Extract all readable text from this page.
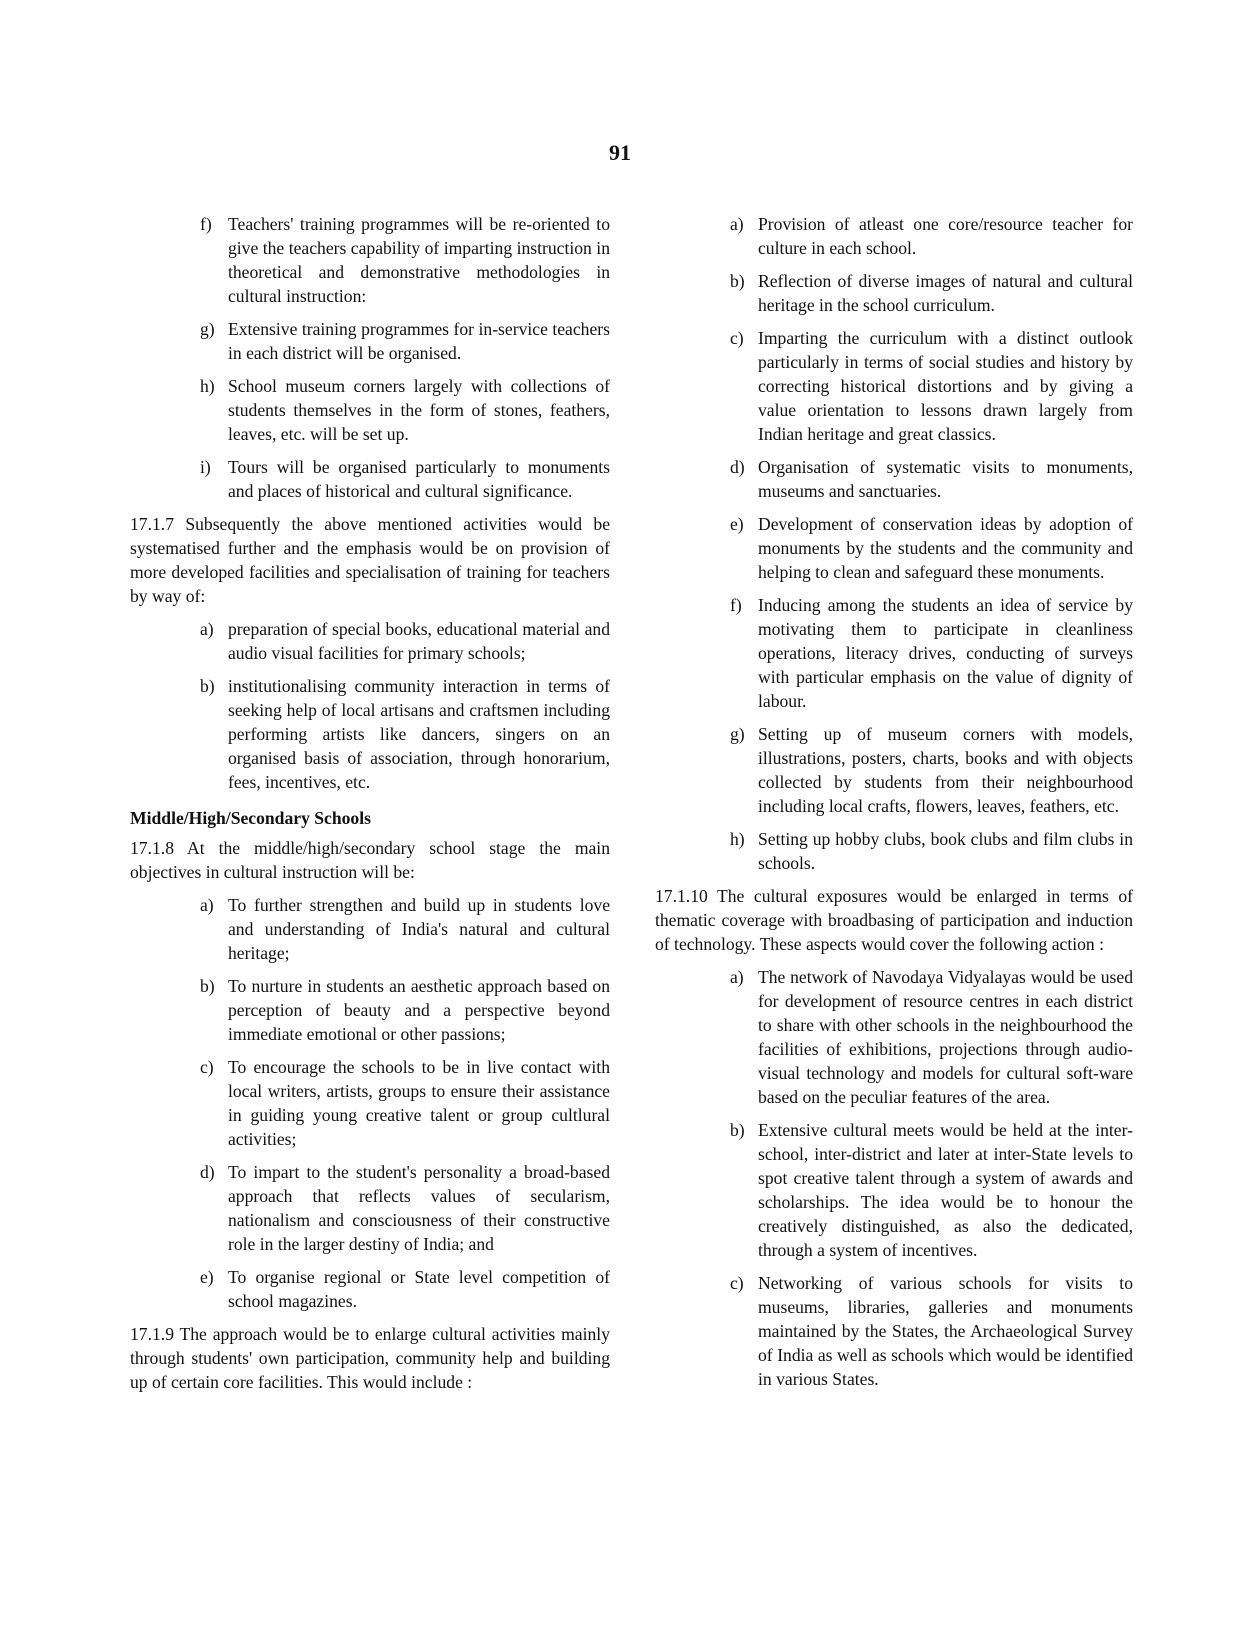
91
f) Teachers' training programmes will be re-oriented to give the teachers capability of imparting instruction in theoretical and demonstrative methodologies in cultural instruction:
g) Extensive training programmes for in-service teachers in each district will be organised.
h) School museum corners largely with collections of students themselves in the form of stones, feathers, leaves, etc. will be set up.
i) Tours will be organised particularly to monuments and places of historical and cultural significance.
17.1.7 Subsequently the above mentioned activities would be systematised further and the emphasis would be on provision of more developed facilities and specialisation of training for teachers by way of:
a) preparation of special books, educational material and audio visual facilities for primary schools;
b) institutionalising community interaction in terms of seeking help of local artisans and craftsmen including performing artists like dancers, singers on an organised basis of association, through honorarium, fees, incentives, etc.
Middle/High/Secondary Schools
17.1.8 At the middle/high/secondary school stage the main objectives in cultural instruction will be:
a) To further strengthen and build up in students love and understanding of India's natural and cultural heritage;
b) To nurture in students an aesthetic approach based on perception of beauty and a perspective beyond immediate emotional or other passions;
c) To encourage the schools to be in live contact with local writers, artists, groups to ensure their assistance in guiding young creative talent or group cultlural activities;
d) To impart to the student's personality a broad-based approach that reflects values of secularism, nationalism and consciousness of their constructive role in the larger destiny of India; and
e) To organise regional or State level competition of school magazines.
17.1.9 The approach would be to enlarge cultural activities mainly through students' own participation, community help and building up of certain core facilities. This would include :
a) Provision of atleast one core/resource teacher for culture in each school.
b) Reflection of diverse images of natural and cultural heritage in the school curriculum.
c) Imparting the curriculum with a distinct outlook particularly in terms of social studies and history by correcting historical distortions and by giving a value orientation to lessons drawn largely from Indian heritage and great classics.
d) Organisation of systematic visits to monuments, museums and sanctuaries.
e) Development of conservation ideas by adoption of monuments by the students and the community and helping to clean and safeguard these monuments.
f) Inducing among the students an idea of service by motivating them to participate in cleanliness operations, literacy drives, conducting of surveys with particular emphasis on the value of dignity of labour.
g) Setting up of museum corners with models, illustrations, posters, charts, books and with objects collected by students from their neighbourhood including local crafts, flowers, leaves, feathers, etc.
h) Setting up hobby clubs, book clubs and film clubs in schools.
17.1.10 The cultural exposures would be enlarged in terms of thematic coverage with broadbasing of participation and induction of technology. These aspects would cover the following action :
a) The network of Navodaya Vidyalayas would be used for development of resource centres in each district to share with other schools in the neighbourhood the facilities of exhibitions, projections through audio-visual technology and models for cultural soft-ware based on the peculiar features of the area.
b) Extensive cultural meets would be held at the inter-school, inter-district and later at inter-State levels to spot creative talent through a system of awards and scholarships. The idea would be to honour the creatively distinguished, as also the dedicated, through a system of incentives.
c) Networking of various schools for visits to museums, libraries, galleries and monuments maintained by the States, the Archaeological Survey of India as well as schools which would be identified in various States.
